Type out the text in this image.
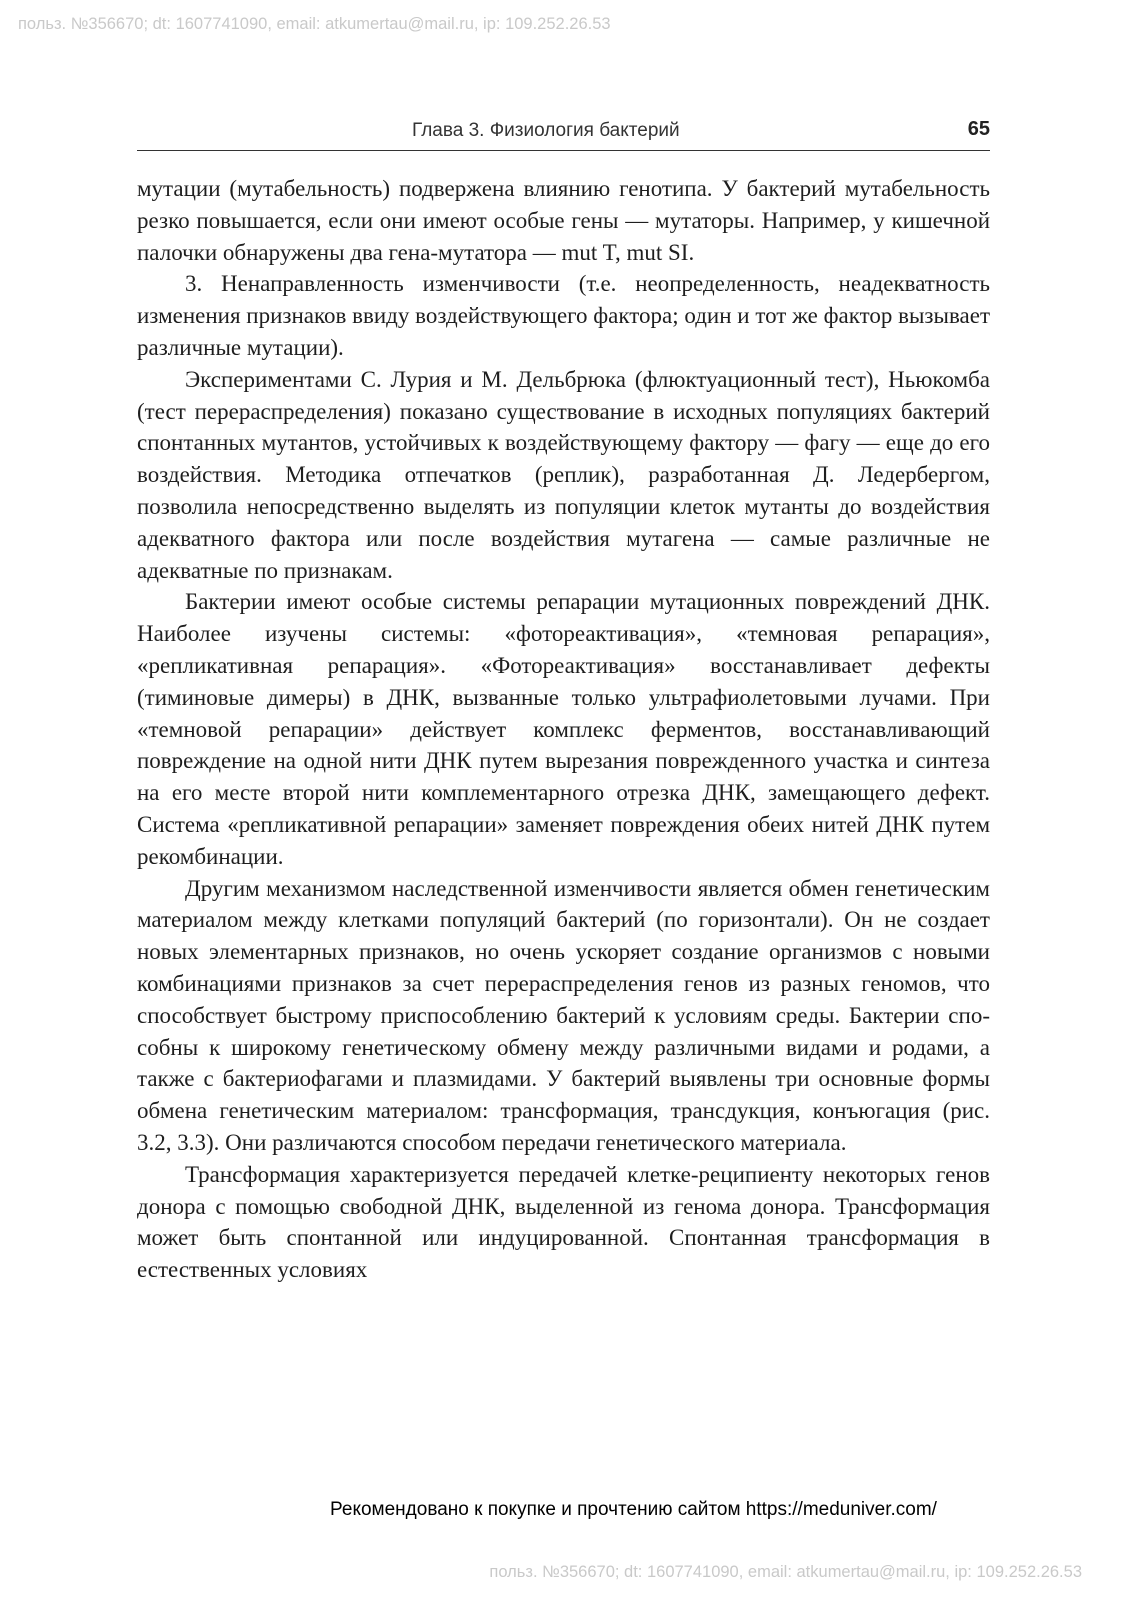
польз. №356670; dt: 1607741090, email: atkumertau@mail.ru, ip: 109.252.26.53
Глава 3. Физиология бактерий	65

мутации (мутабельность) подвержена влиянию генотипа. У бактерий мутабельность резко повышается, если они имеют особые гены — мутаторы. Например, у кишечной палочки обнаружены два гена-мутатора — mut T, mut SI.

3. Ненаправленность изменчивости (т.е. неопределенность, неадекватность изменения признаков ввиду воздействующего фактора; один и тот же фактор вызывает различные мутации).

Экспериментами С. Лурия и М. Дельбрюка (флюктуационный тест), Ньюкомба (тест перераспределения) показано существование в исходных популяциях бактерий спонтанных мутантов, устойчивых к воздействующему фактору — фагу — еще до его воздействия. Методика отпечатков (реплик), разработанная Д. Ледербергом, позволила непосредственно выделять из популяции клеток мутанты до воздействия адекватного фактора или после воздействия мутагена — самые различные не адекватные по признакам.

Бактерии имеют особые системы репарации мутационных повреждений ДНК. Наиболее изучены системы: «фотореактивация», «темновая репарация», «репликативная репарация». «Фотореактивация» восстанавливает дефекты (тиминовые димеры) в ДНК, вызванные только ультрафиолетовыми лучами. При «темновой репарации» действует комплекс ферментов, восстанавливающий повреждение на одной нити ДНК путем вырезания поврежденного участка и синтеза на его месте второй нити комплементарного отрезка ДНК, замещающего дефект. Система «репликативной репарации» заменяет повреждения обеих нитей ДНК путем рекомбинации.

Другим механизмом наследственной изменчивости является обмен генетическим материалом между клетками популяций бактерий (по горизонтали). Он не создает новых элементарных признаков, но очень ускоряет создание организмов с новыми комбинациями признаков за счет перераспределения генов из разных геномов, что способствует быстрому приспособлению бактерий к условиям среды. Бактерии способны к широкому генетическому обмену между различными видами и родами, а также с бактериофагами и плазмидами. У бактерий выявлены три основные формы обмена генетическим материалом: трансформация, трансдукция, конъюгация (рис. 3.2, 3.3). Они различаются способом передачи генетического материала.

Трансформация характеризуется передачей клетке-реципиенту некоторых генов донора с помощью свободной ДНК, выделенной из генома донора. Трансформация может быть спонтанной или индуцированной. Спонтанная трансформация в естественных условиях

Рекомендовано к покупке и прочтению сайтом https://meduniver.com/
польз. №356670; dt: 1607741090, email: atkumertau@mail.ru, ip: 109.252.26.53
